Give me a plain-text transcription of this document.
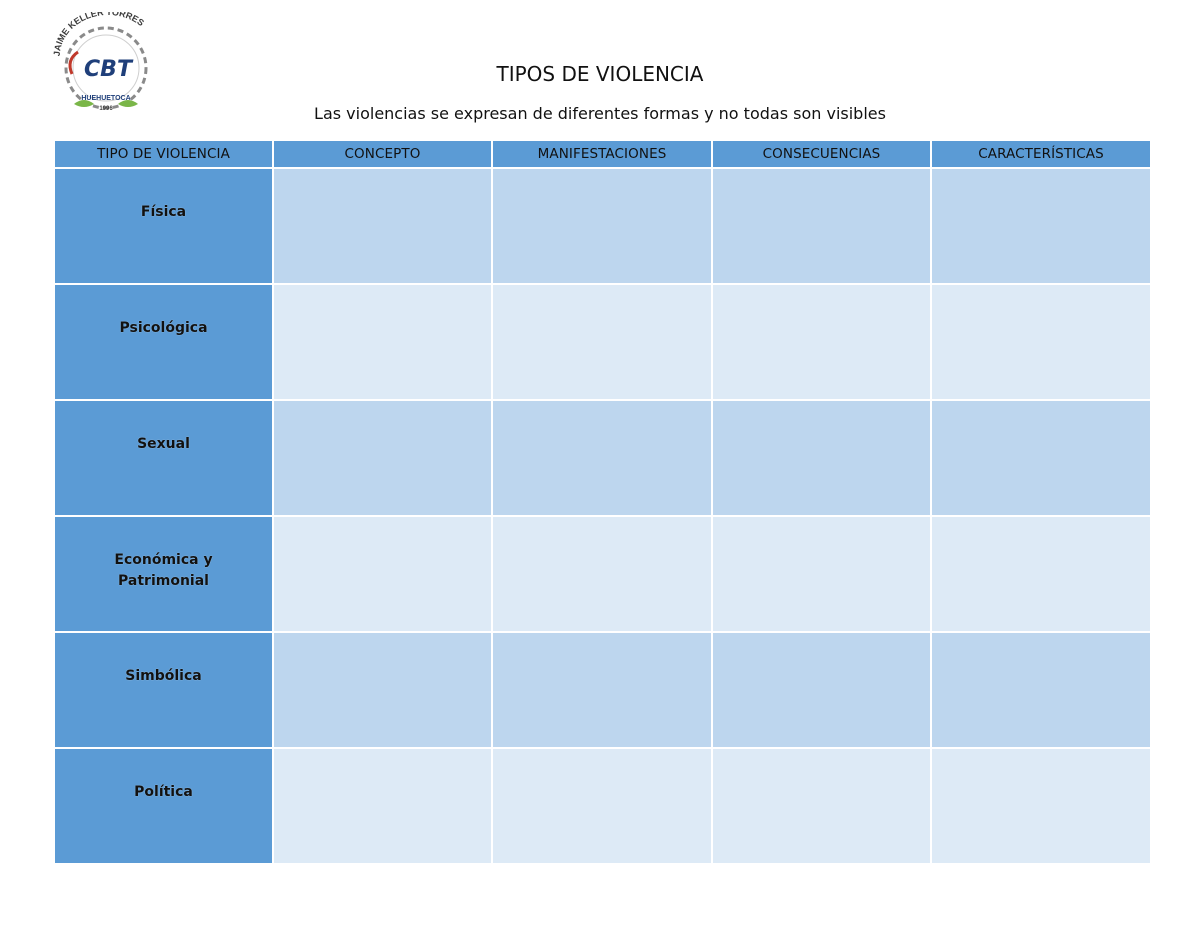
JAIME KELLER ORRES
CBT
HUEHUETOCA
1996
TIPOS DE VIOLENCIA
Las violencias se expresan de diferentes formas y no todas son visibles
TIPO DE VIOLENCIA	CONCEPTO	MANIFESTACIONES	CONSECUENCIAS	CARACTERÍSTICAS
Física
Psicológica
Sexual
Económica y
Patrimonial
Simbólica
Política
